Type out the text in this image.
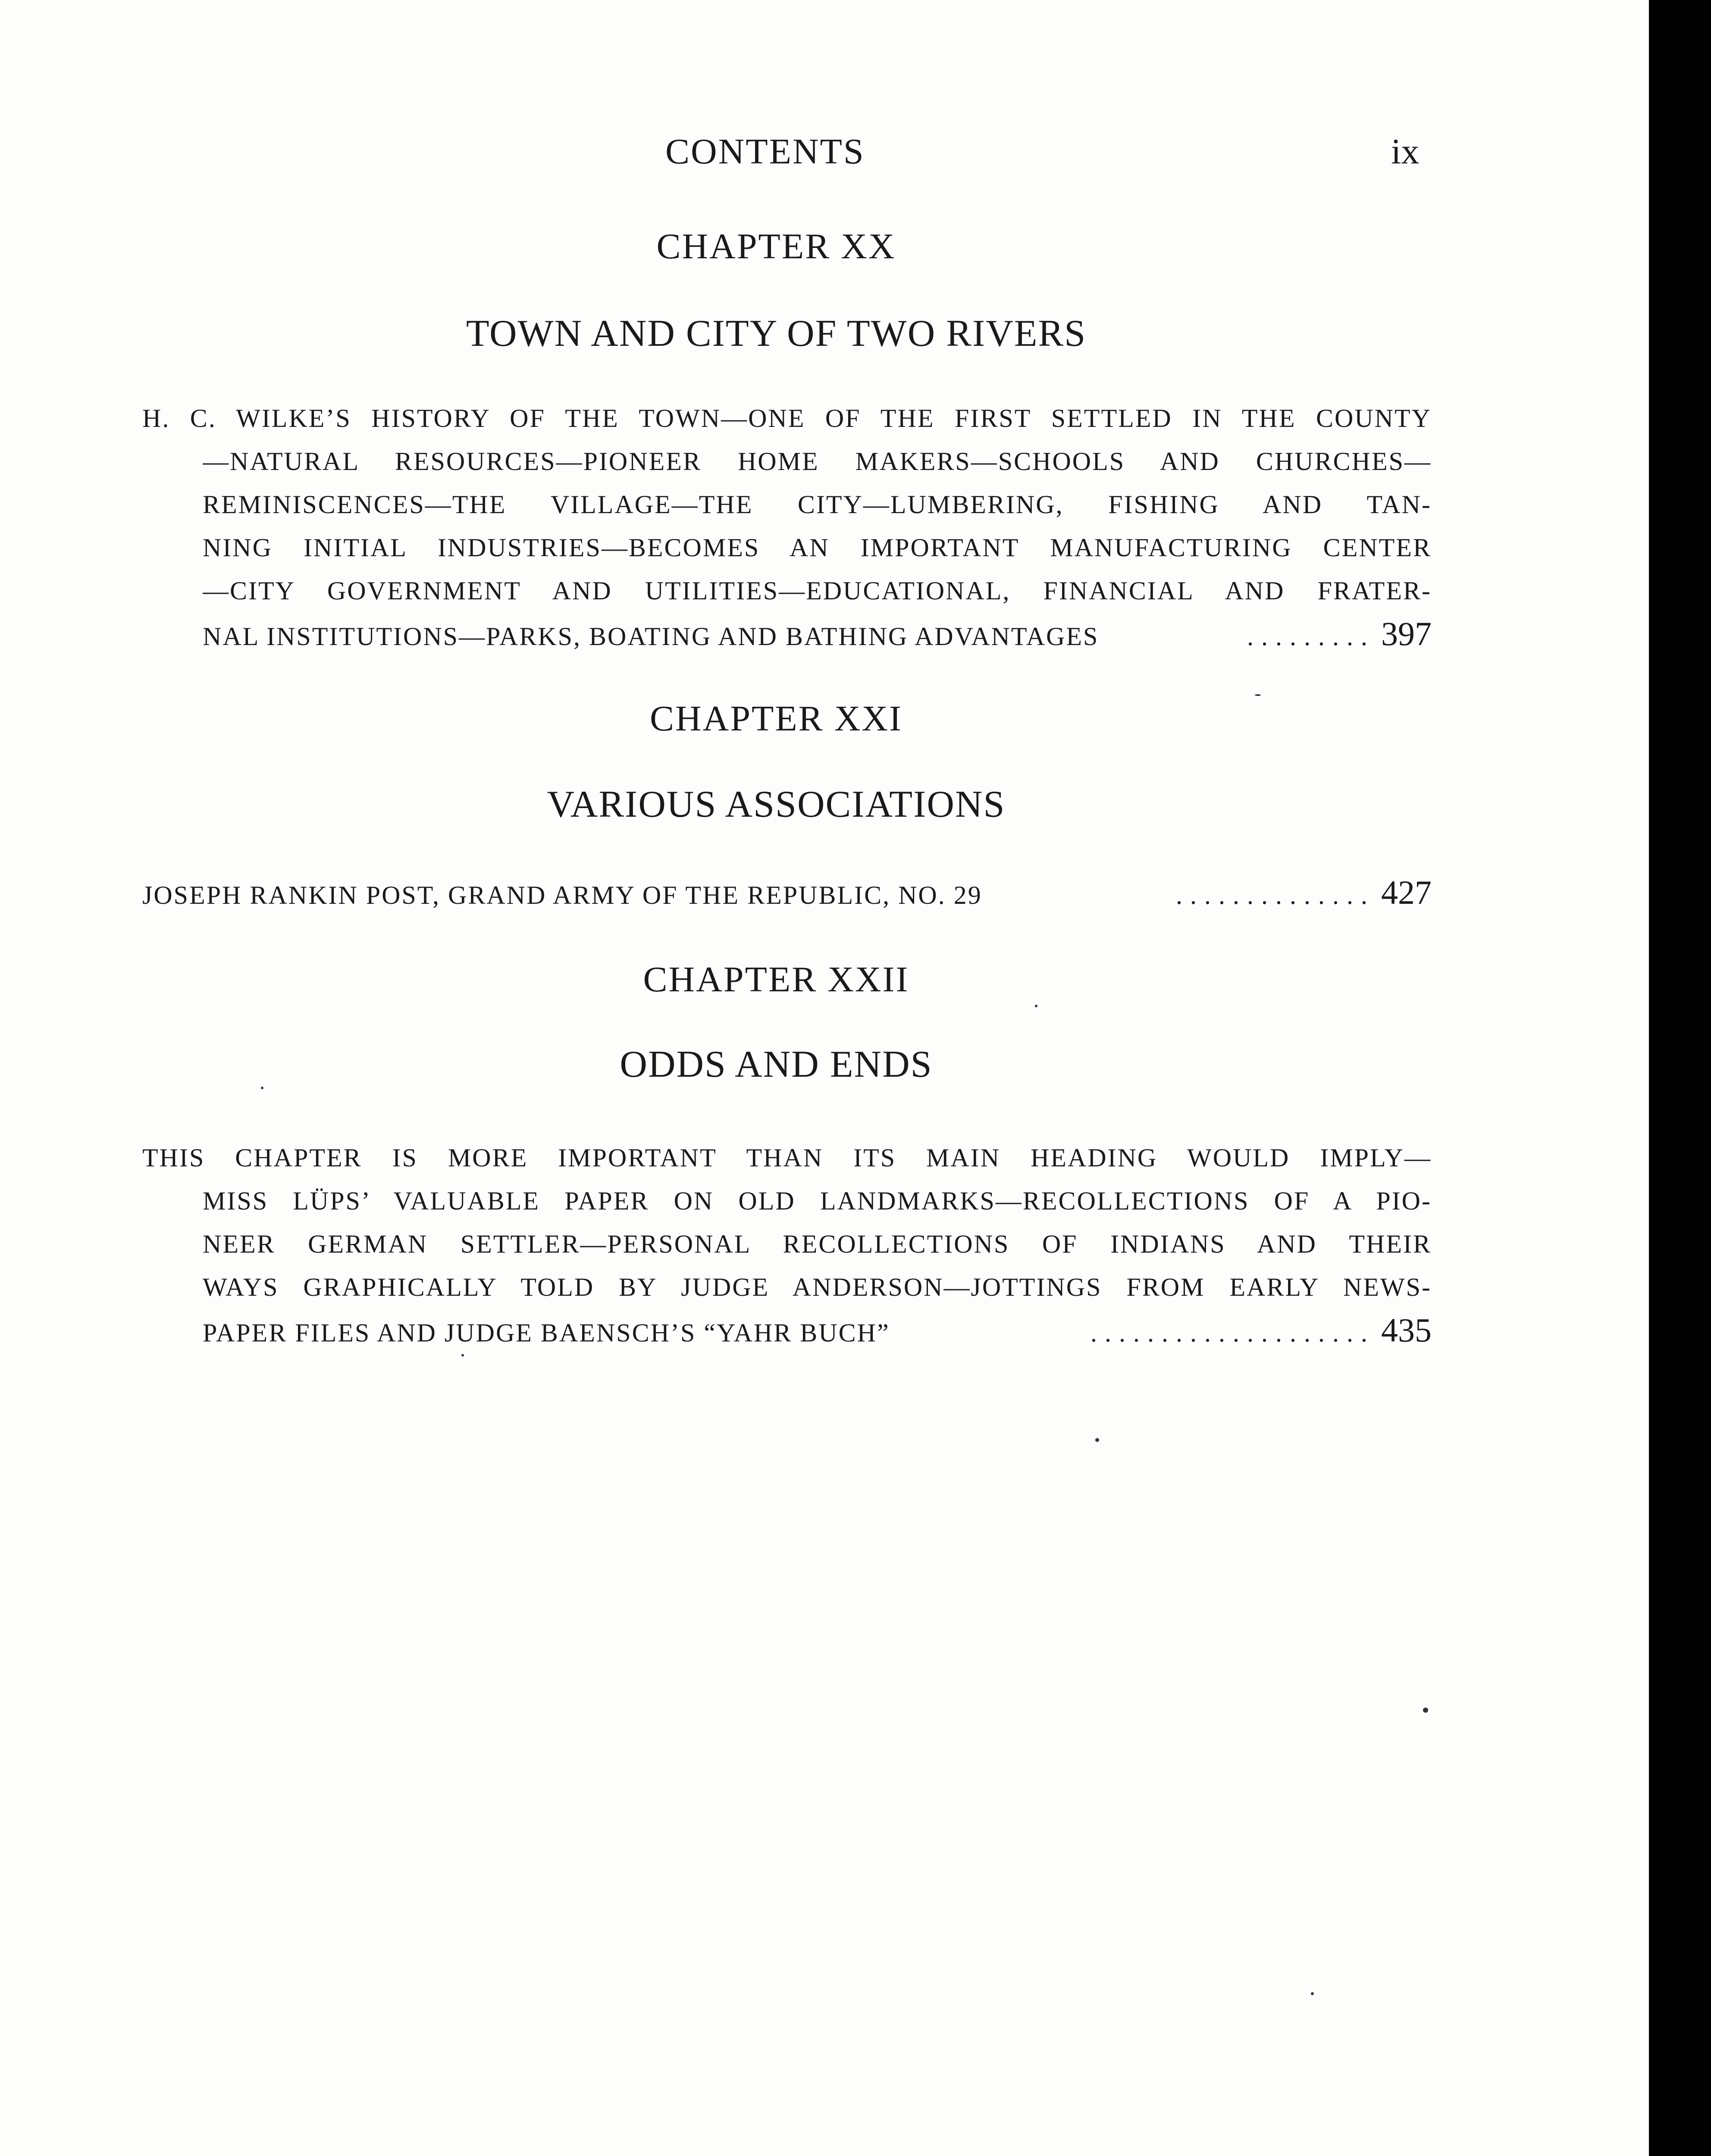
CONTENTS	ix
CHAPTER XX
TOWN AND CITY OF TWO RIVERS
H. C. WILKE’S HISTORY OF THE TOWN—ONE OF THE FIRST SETTLED IN THE COUNTY
—NATURAL RESOURCES—PIONEER HOME MAKERS—SCHOOLS AND CHURCHES—
REMINISCENCES—THE VILLAGE—THE CITY—LUMBERING, FISHING AND TAN-
NING INITIAL INDUSTRIES—BECOMES AN IMPORTANT MANUFACTURING CENTER
—CITY GOVERNMENT AND UTILITIES—EDUCATIONAL, FINANCIAL AND FRATER-
NAL INSTITUTIONS—PARKS, BOATING AND BATHING ADVANTAGES	......... 397
CHAPTER XXI
VARIOUS ASSOCIATIONS
JOSEPH RANKIN POST, GRAND ARMY OF THE REPUBLIC, NO. 29	.............. 427
CHAPTER XXII
ODDS AND ENDS
THIS CHAPTER IS MORE IMPORTANT THAN ITS MAIN HEADING WOULD IMPLY—
MISS LÜPS’ VALUABLE PAPER ON OLD LANDMARKS—RECOLLECTIONS OF A PIO-
NEER GERMAN SETTLER—PERSONAL RECOLLECTIONS OF INDIANS AND THEIR
WAYS GRAPHICALLY TOLD BY JUDGE ANDERSON—JOTTINGS FROM EARLY NEWS-
PAPER FILES AND JUDGE BAENSCH’S “YAHR BUCH”	.................... 435
